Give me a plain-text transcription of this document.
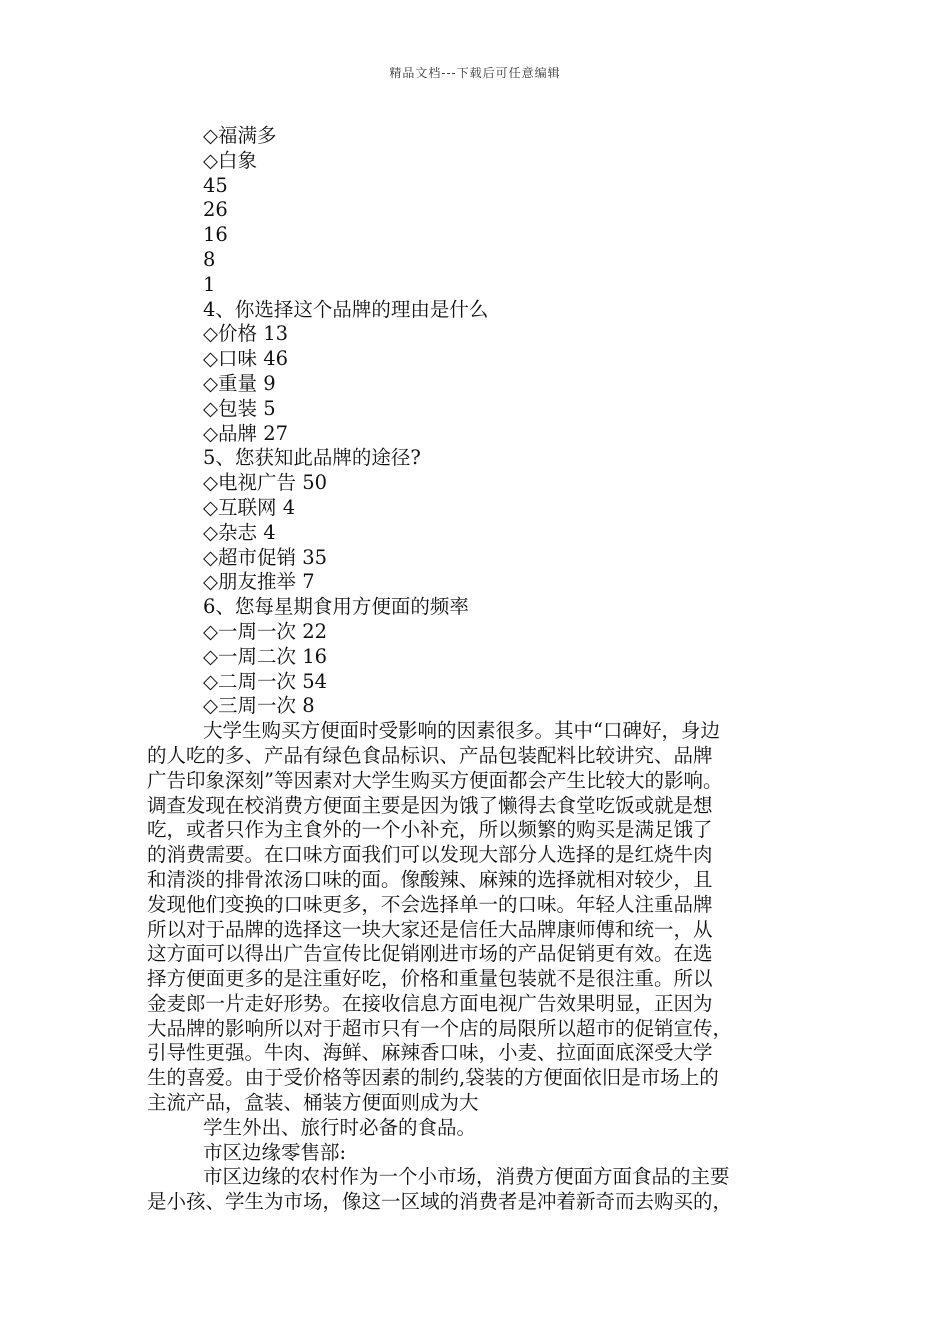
精品文档---下载后可任意编辑
◇福满多
◇白象
45
26
16
8
1
4、你选择这个品牌的理由是什么
◇价格 13
◇口味 46
◇重量 9
◇包装 5
◇品牌 27
5、您获知此品牌的途径?
◇电视广告 50
◇互联网 4
◇杂志 4
◇超市促销 35
◇朋友推举 7
6、您每星期食用方便面的频率
◇一周一次 22
◇一周二次 16
◇二周一次 54
◇三周一次 8
大学生购买方便面时受影响的因素很多。其中“口碑好，身边
的人吃的多、产品有绿色食品标识、产品包装配料比较讲究、品牌
广告印象深刻”等因素对大学生购买方便面都会产生比较大的影响。
调查发现在校消费方便面主要是因为饿了懒得去食堂吃饭或就是想
吃，或者只作为主食外的一个小补充，所以频繁的购买是满足饿了
的消费需要。在口味方面我们可以发现大部分人选择的是红烧牛肉
和清淡的排骨浓汤口味的面。像酸辣、麻辣的选择就相对较少，且
发现他们变换的口味更多，不会选择单一的口味。年轻人注重品牌
所以对于品牌的选择这一块大家还是信任大品牌康师傅和统一，从
这方面可以得出广告宣传比促销刚进市场的产品促销更有效。在选
择方便面更多的是注重好吃，价格和重量包装就不是很注重。所以
金麦郎一片走好形势。在接收信息方面电视广告效果明显，正因为
大品牌的影响所以对于超市只有一个店的局限所以超市的促销宣传，
引导性更强。牛肉、海鲜、麻辣香口味，小麦、拉面面底深受大学
生的喜爱。由于受价格等因素的制约,袋装的方便面依旧是市场上的
主流产品，盒装、桶装方便面则成为大
学生外出、旅行时必备的食品。
市区边缘零售部:
市区边缘的农村作为一个小市场，消费方便面方面食品的主要
是小孩、学生为市场，像这一区域的消费者是冲着新奇而去购买的，
